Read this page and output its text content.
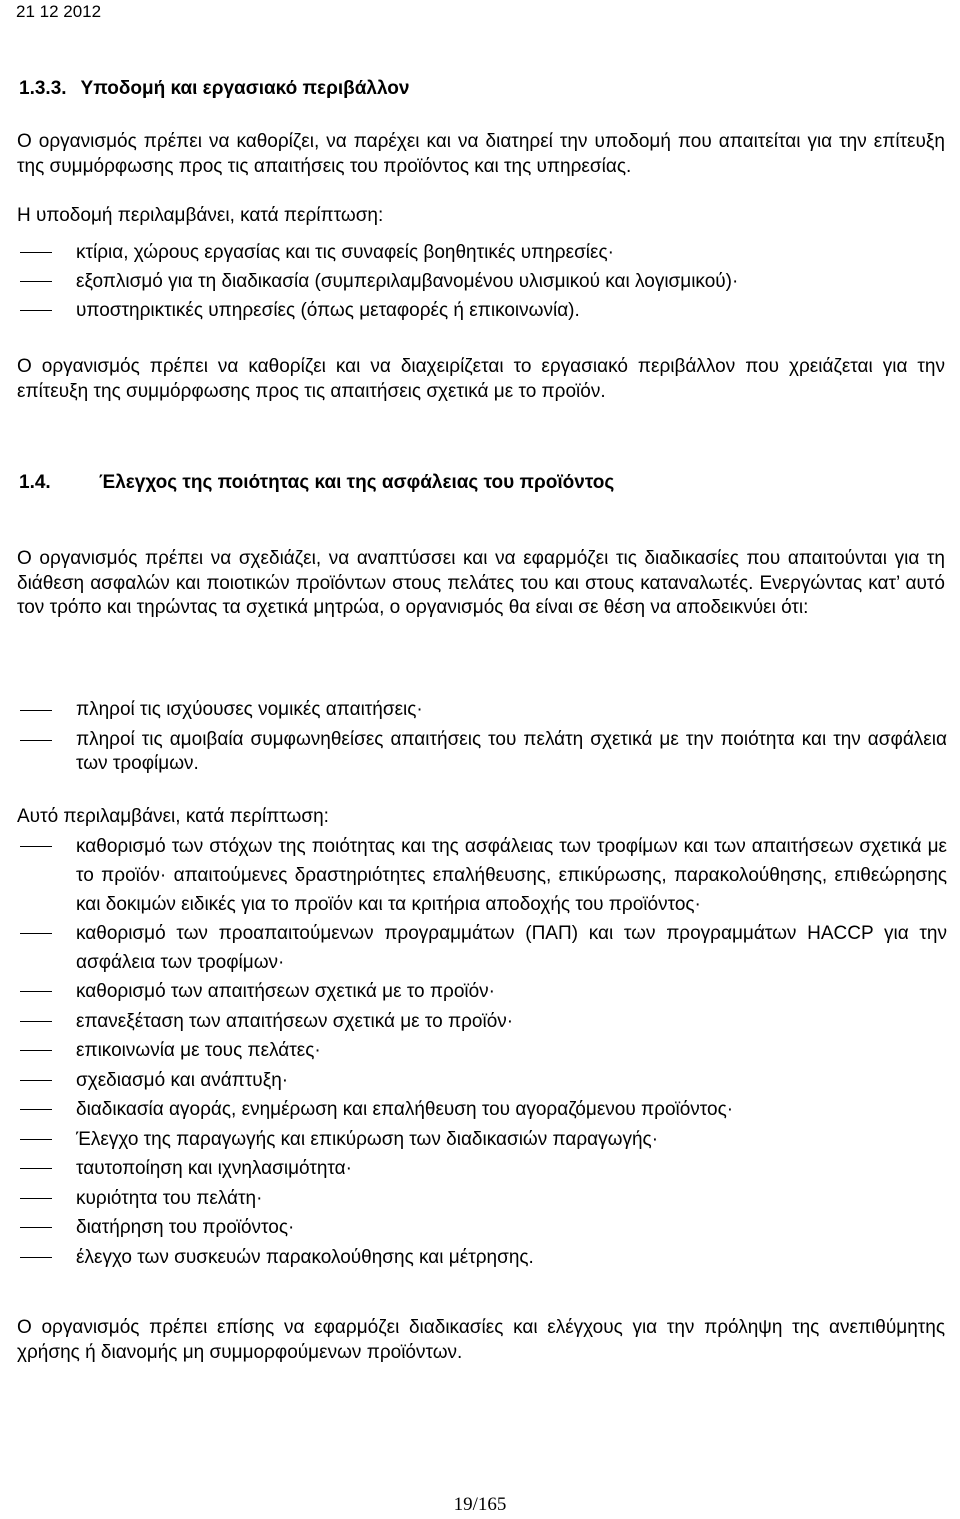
21 12 2012
1.3.3. Υποδομή και εργασιακό περιβάλλον
Ο οργανισμός πρέπει να καθορίζει, να παρέχει και να διατηρεί την υποδομή που απαιτείται για την επίτευξη της συμμόρφωσης προς τις απαιτήσεις του προϊόντος και της υπηρεσίας.
Η υποδομή περιλαμβάνει, κατά περίπτωση:
κτίρια, χώρους εργασίας και τις συναφείς βοηθητικές υπηρεσίες·
εξοπλισμό για τη διαδικασία (συμπεριλαμβανομένου υλισμικού και λογισμικού)·
υποστηρικτικές υπηρεσίες (όπως μεταφορές ή επικοινωνία).
Ο οργανισμός πρέπει να καθορίζει και να διαχειρίζεται το εργασιακό περιβάλλον που χρειάζεται για την επίτευξη της συμμόρφωσης προς τις απαιτήσεις σχετικά με το προϊόν.
1.4.	Έλεγχος της ποιότητας και της ασφάλειας του προϊόντος
Ο οργανισμός πρέπει να σχεδιάζει, να αναπτύσσει και να εφαρμόζει τις διαδικασίες που απαιτούνται για τη διάθεση ασφαλών και ποιοτικών προϊόντων στους πελάτες του και στους καταναλωτές. Ενεργώντας κατ’ αυτό τον τρόπο και τηρώντας τα σχετικά μητρώα, ο οργανισμός θα είναι σε θέση να αποδεικνύει ότι:
πληροί τις ισχύουσες νομικές απαιτήσεις·
πληροί τις αμοιβαία συμφωνηθείσες απαιτήσεις του πελάτη σχετικά με την ποιότητα και την ασφάλεια των τροφίμων.
Αυτό περιλαμβάνει, κατά περίπτωση:
καθορισμό των στόχων της ποιότητας και της ασφάλειας των τροφίμων και των απαιτήσεων σχετικά με το προϊόν· απαιτούμενες δραστηριότητες επαλήθευσης, επικύρωσης, παρακολούθησης, επιθεώρησης και δοκιμών ειδικές για το προϊόν και τα κριτήρια αποδοχής του προϊόντος·
καθορισμό των προαπαιτούμενων προγραμμάτων (ΠΑΠ) και των προγραμμάτων HACCP για την ασφάλεια των τροφίμων·
καθορισμό των απαιτήσεων σχετικά με το προϊόν·
επανεξέταση των απαιτήσεων σχετικά με το προϊόν·
επικοινωνία με τους πελάτες·
σχεδιασμό και ανάπτυξη·
διαδικασία αγοράς, ενημέρωση και επαλήθευση του αγοραζόμενου προϊόντος·
Έλεγχο της παραγωγής και επικύρωση των διαδικασιών παραγωγής·
ταυτοποίηση και ιχνηλασιμότητα·
κυριότητα του πελάτη·
διατήρηση του προϊόντος·
έλεγχο των συσκευών παρακολούθησης και μέτρησης.
Ο οργανισμός πρέπει επίσης να εφαρμόζει διαδικασίες και ελέγχους για την πρόληψη της ανεπιθύμητης χρήσης ή διανομής μη συμμορφούμενων προϊόντων.
19/165
